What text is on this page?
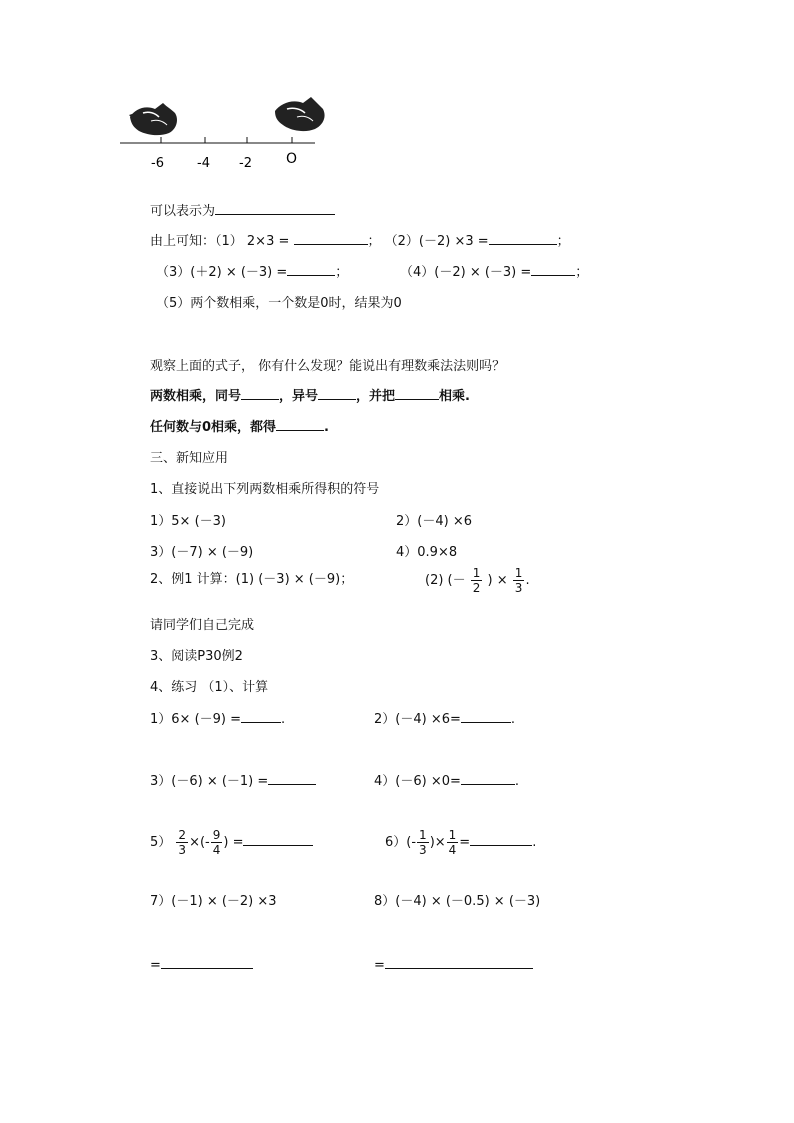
-6	-4 -2 O
可以表示为
由上可知：（1） 2×3 =	； （2）(－2) ×3 =	；
（3）(＋2) × (－3) =	；	（4）(－2) × (－3) =	；
（5）两个数相乘，一个数是0时，结果为0
观察上面的式子， 你有什么发现？能说出有理数乘法法则吗？
两数相乘，同号	，异号	，并把	相乘.
任何数与0相乘，都得	.
三、新知应用
1、直接说出下列两数相乘所得积的符号
1）5× (－3)	2）(－4) ×6
3）(－7) × (－9)	4）0.9×8
2、例1 计算：(1) (－3) × (－9)；	(2) (－ $\frac{1}{2}$ ) × $\frac{1}{3}$ .
请同学们自己完成
3、阅读P30例2
4、练习 （1）、计算
1）6× (－9) =	.	2）(－4) ×6=	.
3）(－6) × (－1) =	4）(－6) ×0=	.
$5) \frac{2}{3}$ ×(- $\frac{9}{4}$ ) =	$6)(- \frac{1}{3}$ )× $\frac{1}{4}$ =	.
7）(－1) × (－2) ×3	8）(－4) × (－0.5) × (－3)
=	=
